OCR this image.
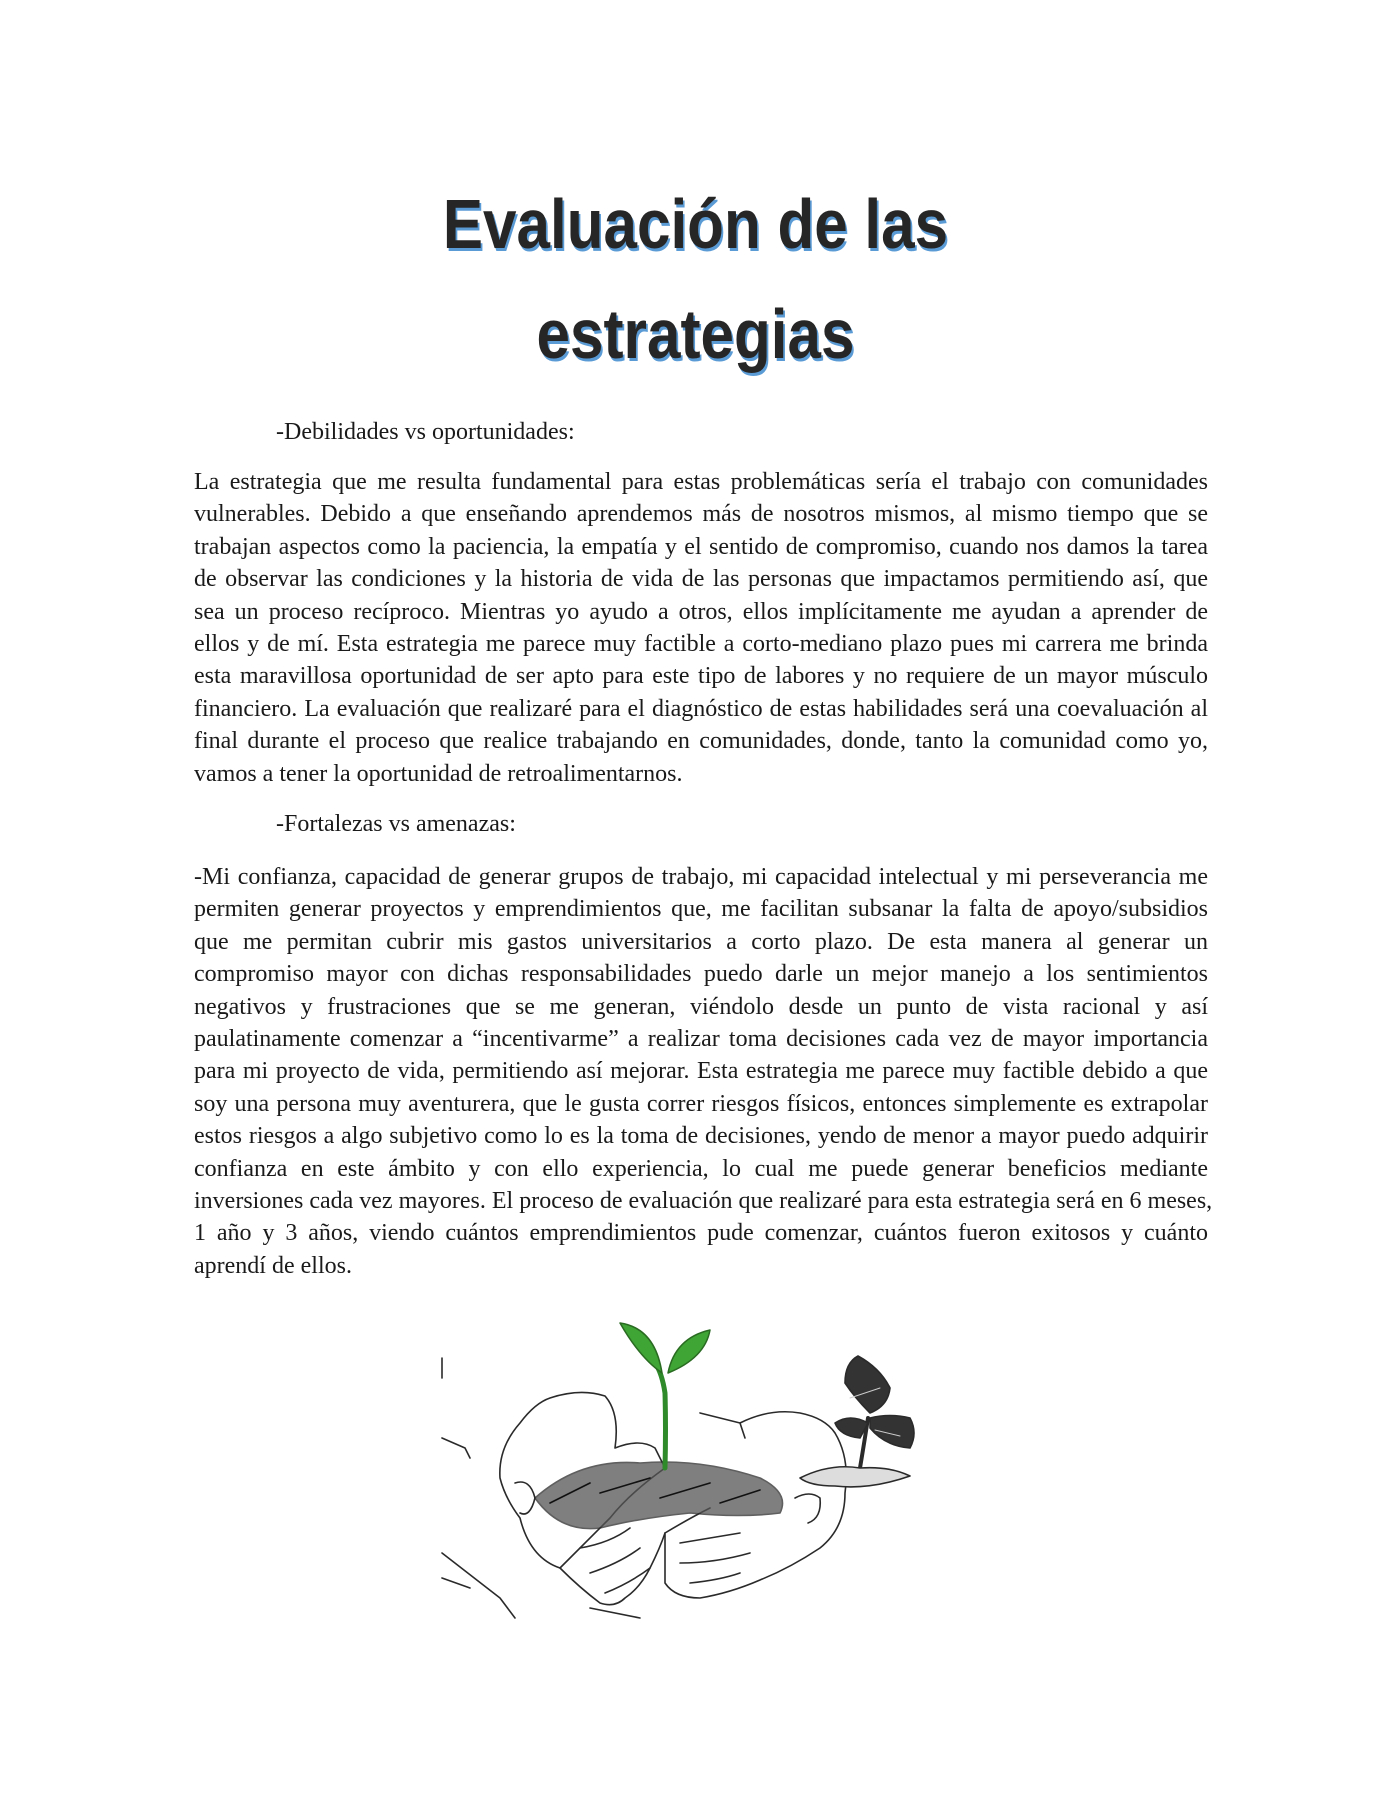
Evaluación de las
estrategias
-Debilidades vs oportunidades:
La estrategia que me resulta fundamental para estas problemáticas sería el trabajo con comunidades
vulnerables. Debido a que enseñando aprendemos más de nosotros mismos, al mismo tiempo que se
trabajan aspectos como la paciencia, la empatía y el sentido de compromiso, cuando nos damos la tarea
de observar las condiciones y la historia de vida de las personas que impactamos permitiendo así, que
sea un proceso recíproco. Mientras yo ayudo a otros, ellos implícitamente me ayudan a aprender de
ellos y de mí. Esta estrategia me parece muy factible a corto-mediano plazo pues mi carrera me brinda
esta maravillosa oportunidad de ser apto para este tipo de labores y no requiere de un mayor músculo
financiero. La evaluación que realizaré para el diagnóstico de estas habilidades será una coevaluación al
final durante el proceso que realice trabajando en comunidades, donde, tanto la comunidad como yo,
vamos a tener la oportunidad de retroalimentarnos.
-Fortalezas vs amenazas:
-Mi confianza, capacidad de generar grupos de trabajo, mi capacidad intelectual y mi perseverancia me
permiten generar proyectos y emprendimientos que, me facilitan subsanar la falta de apoyo/subsidios
que me permitan cubrir mis gastos universitarios a corto plazo. De esta manera al generar un
compromiso mayor con dichas responsabilidades puedo darle un mejor manejo a los sentimientos
negativos y frustraciones que se me generan, viéndolo desde un punto de vista racional y así
paulatinamente comenzar a “incentivarme” a realizar toma decisiones cada vez de mayor importancia
para mi proyecto de vida, permitiendo así mejorar. Esta estrategia me parece muy factible debido a que
soy una persona muy aventurera, que le gusta correr riesgos físicos, entonces simplemente es extrapolar
estos riesgos a algo subjetivo como lo es la toma de decisiones, yendo de menor a mayor puedo adquirir
confianza en este ámbito y con ello experiencia, lo cual me puede generar beneficios mediante
inversiones cada vez mayores. El proceso de evaluación que realizaré para esta estrategia será en 6 meses,
1 año y 3 años, viendo cuántos emprendimientos pude comenzar, cuántos fueron exitosos y cuánto
aprendí de ellos.
